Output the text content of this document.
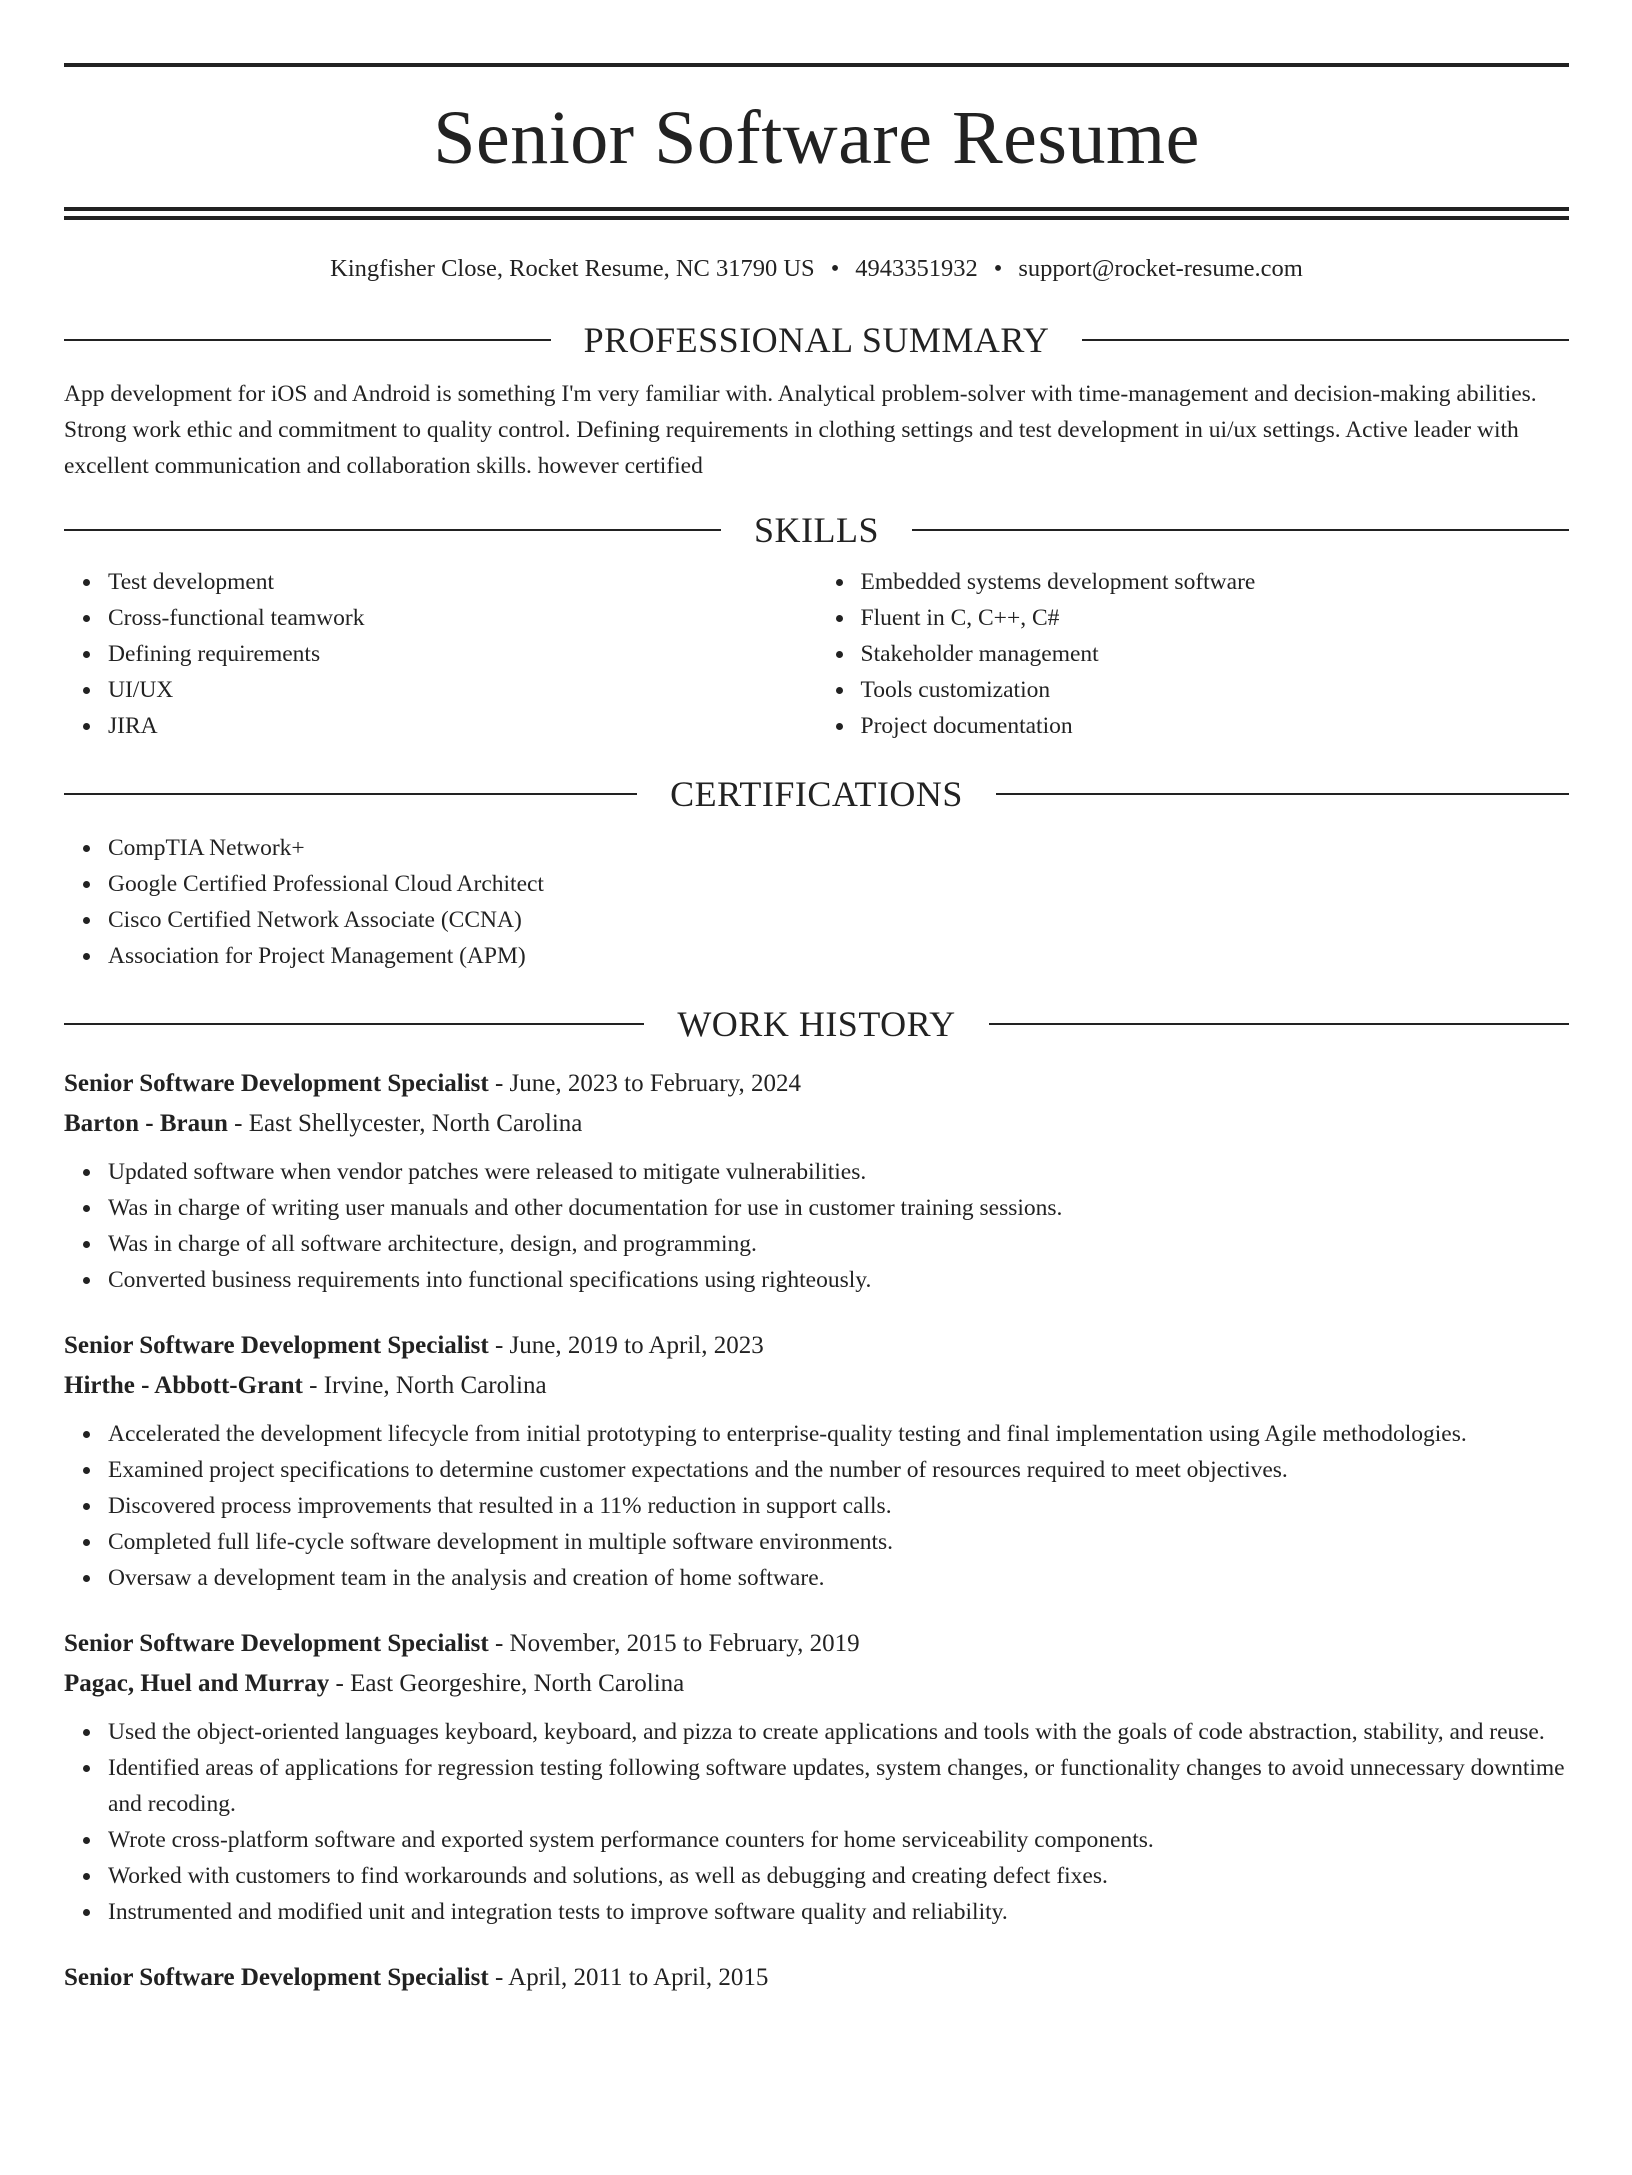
Senior Software Resume
Kingfisher Close, Rocket Resume, NC 31790 US • 4943351932 • support@rocket-resume.com
PROFESSIONAL SUMMARY

App development for iOS and Android is something I'm very familiar with. Analytical problem-solver with time-management and decision-making abilities. Strong work ethic and commitment to quality control. Defining requirements in clothing settings and test development in ui/ux settings. Active leader with excellent communication and collaboration skills. however certified

SKILLS
Test development
Cross-functional teamwork
Defining requirements
UI/UX
JIRA
Embedded systems development software
Fluent in C, C++, C#
Stakeholder management
Tools customization
Project documentation
CERTIFICATIONS
CompTIA Network+
Google Certified Professional Cloud Architect
Cisco Certified Network Associate (CCNA)
Association for Project Management (APM)
WORK HISTORY
Senior Software Development Specialist - June, 2023 to February, 2024
Barton - Braun - East Shellycester, North Carolina
Updated software when vendor patches were released to mitigate vulnerabilities.
Was in charge of writing user manuals and other documentation for use in customer training sessions.
Was in charge of all software architecture, design, and programming.
Converted business requirements into functional specifications using righteously.
Senior Software Development Specialist - June, 2019 to April, 2023
Hirthe - Abbott-Grant - Irvine, North Carolina
Accelerated the development lifecycle from initial prototyping to enterprise-quality testing and final implementation using Agile methodologies.
Examined project specifications to determine customer expectations and the number of resources required to meet objectives.
Discovered process improvements that resulted in a 11% reduction in support calls.
Completed full life-cycle software development in multiple software environments.
Oversaw a development team in the analysis and creation of home software.
Senior Software Development Specialist - November, 2015 to February, 2019
Pagac, Huel and Murray - East Georgeshire, North Carolina
Used the object-oriented languages keyboard, keyboard, and pizza to create applications and tools with the goals of code abstraction, stability, and reuse.
Identified areas of applications for regression testing following software updates, system changes, or functionality changes to avoid unnecessary downtime and recoding.
Wrote cross-platform software and exported system performance counters for home serviceability components.
Worked with customers to find workarounds and solutions, as well as debugging and creating defect fixes.
Instrumented and modified unit and integration tests to improve software quality and reliability.
Senior Software Development Specialist - April, 2011 to April, 2015
